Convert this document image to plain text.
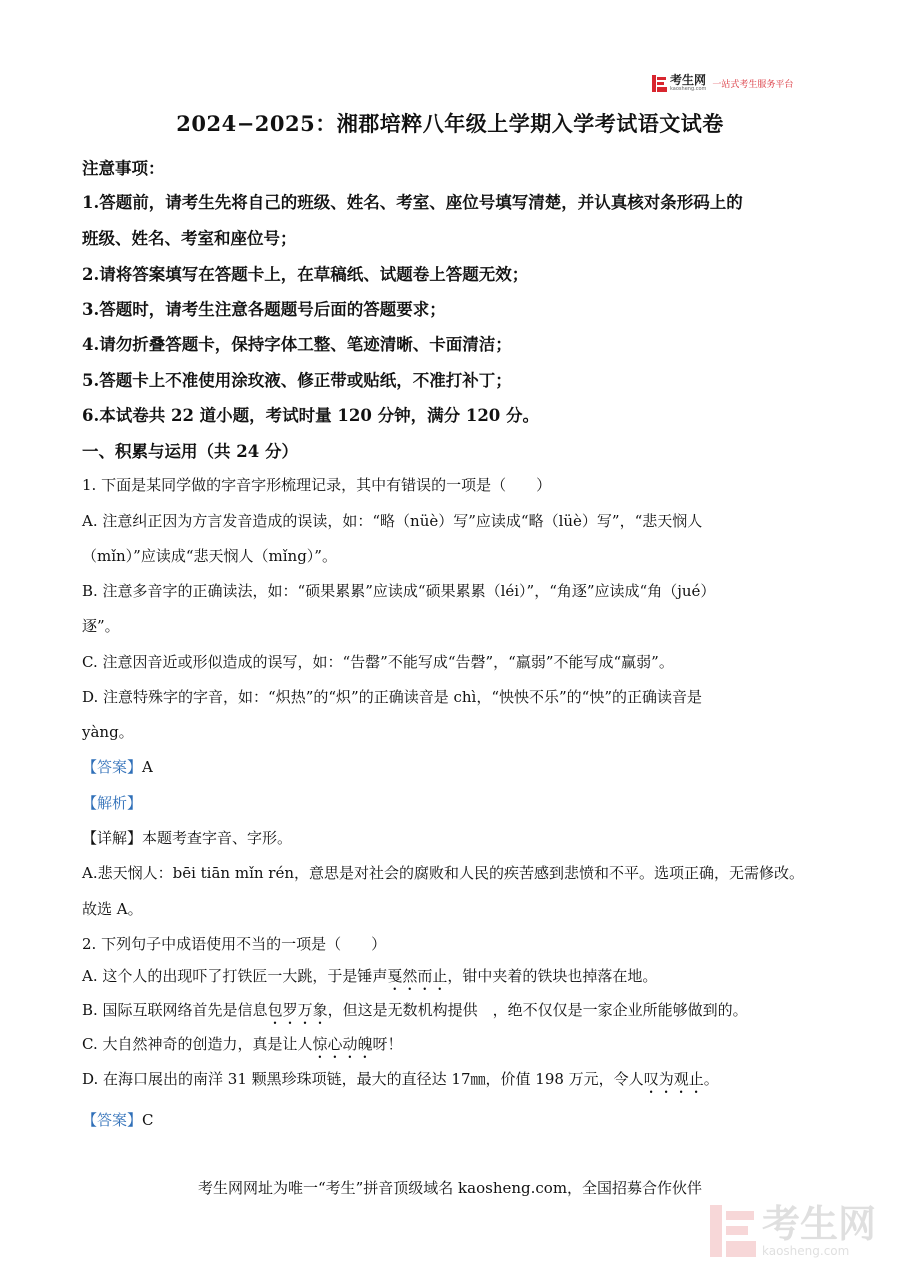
考生网
kaosheng.com 一站式考生服务平台
2024−2025：湘郡培粹八年级上学期入学考试语文试卷
注意事项：
1.答题前，请考生先将自己的班级、姓名、考室、座位号填写清楚，并认真核对条形码上的
班级、姓名、考室和座位号；
2.请将答案填写在答题卡上，在草稿纸、试题卷上答题无效；
3.答题时，请考生注意各题题号后面的答题要求；
4.请勿折叠答题卡，保持字体工整、笔迹清晰、卡面清洁；
5.答题卡上不准使用涂玫液、修正带或贴纸，不准打补丁；
6.本试卷共 22 道小题，考试时量 120 分钟，满分 120 分。
一、积累与运用（共 24 分）
1. 下面是某同学做的字音字形梳理记录，其中有错误的一项是（　　）
A. 注意纠正因为方言发音造成的误读，如：“略（nüè）写”应读成“略（lüè）写”，“悲天悯人
（mǐn）”应读成“悲天悯人（mǐng）”。
B. 注意多音字的正确读法，如：“硕果累累”应读成“硕果累累（léi）”，“角逐”应读成“角（jué）
逐”。
C. 注意因音近或形似造成的误写，如：“告罄”不能写成“告磬”，“羸弱”不能写成“赢弱”。
D. 注意特殊字的字音，如：“炽热”的“炽”的正确读音是 chì，“怏怏不乐”的“怏”的正确读音是
yàng。
【答案】A
【解析】
【详解】本题考查字音、字形。
A.悲天悯人：bēi tiān mǐn rén，意思是对社会的腐败和人民的疾苦感到悲愤和不平。选项正确，无需修改。
故选 A。
2. 下列句子中成语使用不当的一项是（　　）
A. 这个人的出现吓了打铁匠一大跳，于是锤声戛然而止，钳中夹着的铁块也掉落在地。
B. 国际互联网络首先是信息包罗万象，但这是无数机构提供　，绝不仅仅是一家企业所能够做到的。
C. 大自然神奇的创造力，真是让人惊心动魄呀！
D. 在海口展出的南洋 31 颗黑珍珠项链，最大的直径达 17㎜，价值 198 万元，令人叹为观止。
【答案】C
考生网网址为唯一“考生”拼音顶级域名 kaosheng.com，全国招募合作伙伴
考生网
kaosheng.com
